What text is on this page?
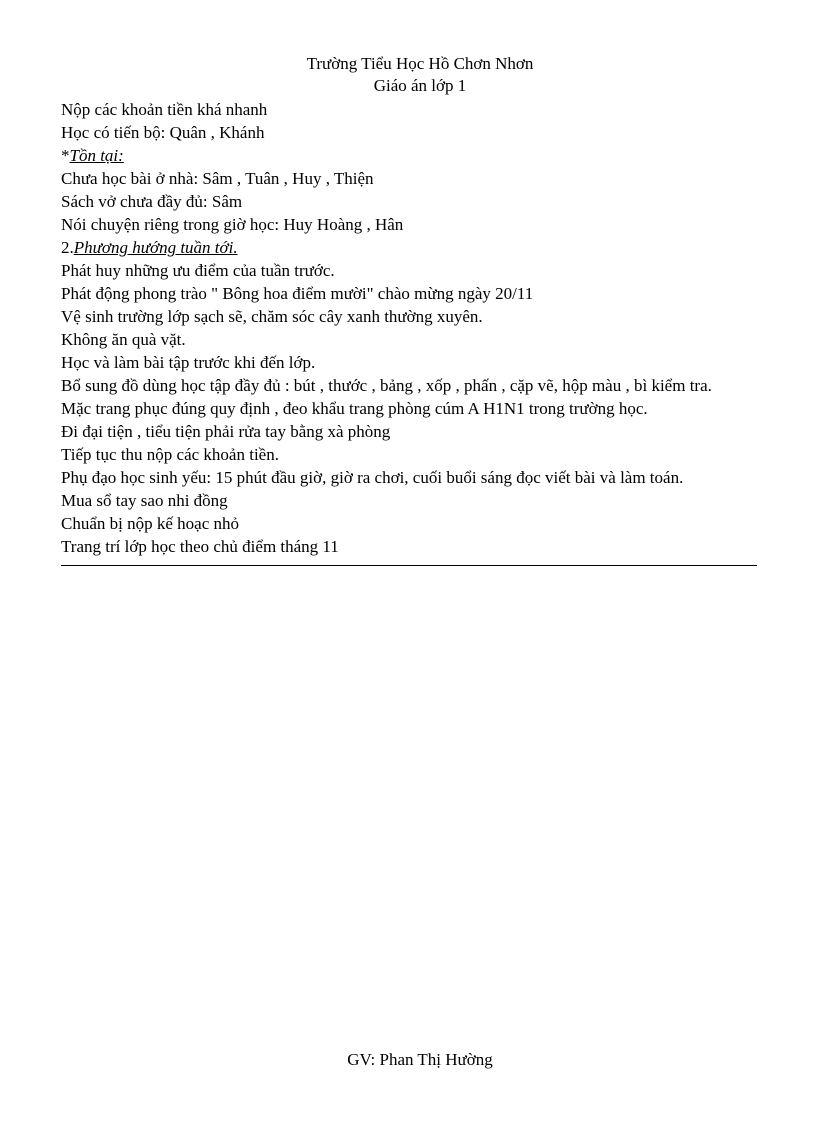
Trường Tiểu Học Hồ Chơn Nhơn
Giáo án lớp 1
Nộp các khoản tiền khá nhanh
Học có tiến bộ: Quân , Khánh
*Tồn tại:
Chưa học bài ở nhà: Sâm , Tuân , Huy , Thiện
Sách vở chưa đầy đủ: Sâm
Nói chuyện riêng trong giờ học: Huy Hoàng , Hân
2.Phương hướng tuần tới.
Phát huy những ưu điểm của tuần trước.
Phát động phong trào " Bông hoa điểm mười" chào mừng ngày 20/11
Vệ sinh trường lớp sạch sẽ, chăm sóc cây xanh thường xuyên.
Không ăn quà vặt.
Học và làm bài tập trước khi đến lớp.
Bổ sung đồ dùng học tập đầy đủ : bút , thước , bảng , xốp , phấn , cặp vẽ, hộp màu , bì kiểm tra.
Mặc trang phục đúng quy định , đeo khẩu trang phòng cúm A H1N1 trong trường học.
Đi đại tiện , tiểu tiện phải rửa tay bằng xà phòng
Tiếp tục thu nộp các khoản tiền.
Phụ đạo học sinh yếu: 15 phút đầu giờ, giờ ra chơi, cuối buổi sáng đọc viết bài và làm toán.
Mua sổ tay sao nhi đồng
Chuẩn bị nộp kế hoạc nhỏ
Trang trí lớp học theo chủ điểm tháng 11
GV: Phan Thị Hường
